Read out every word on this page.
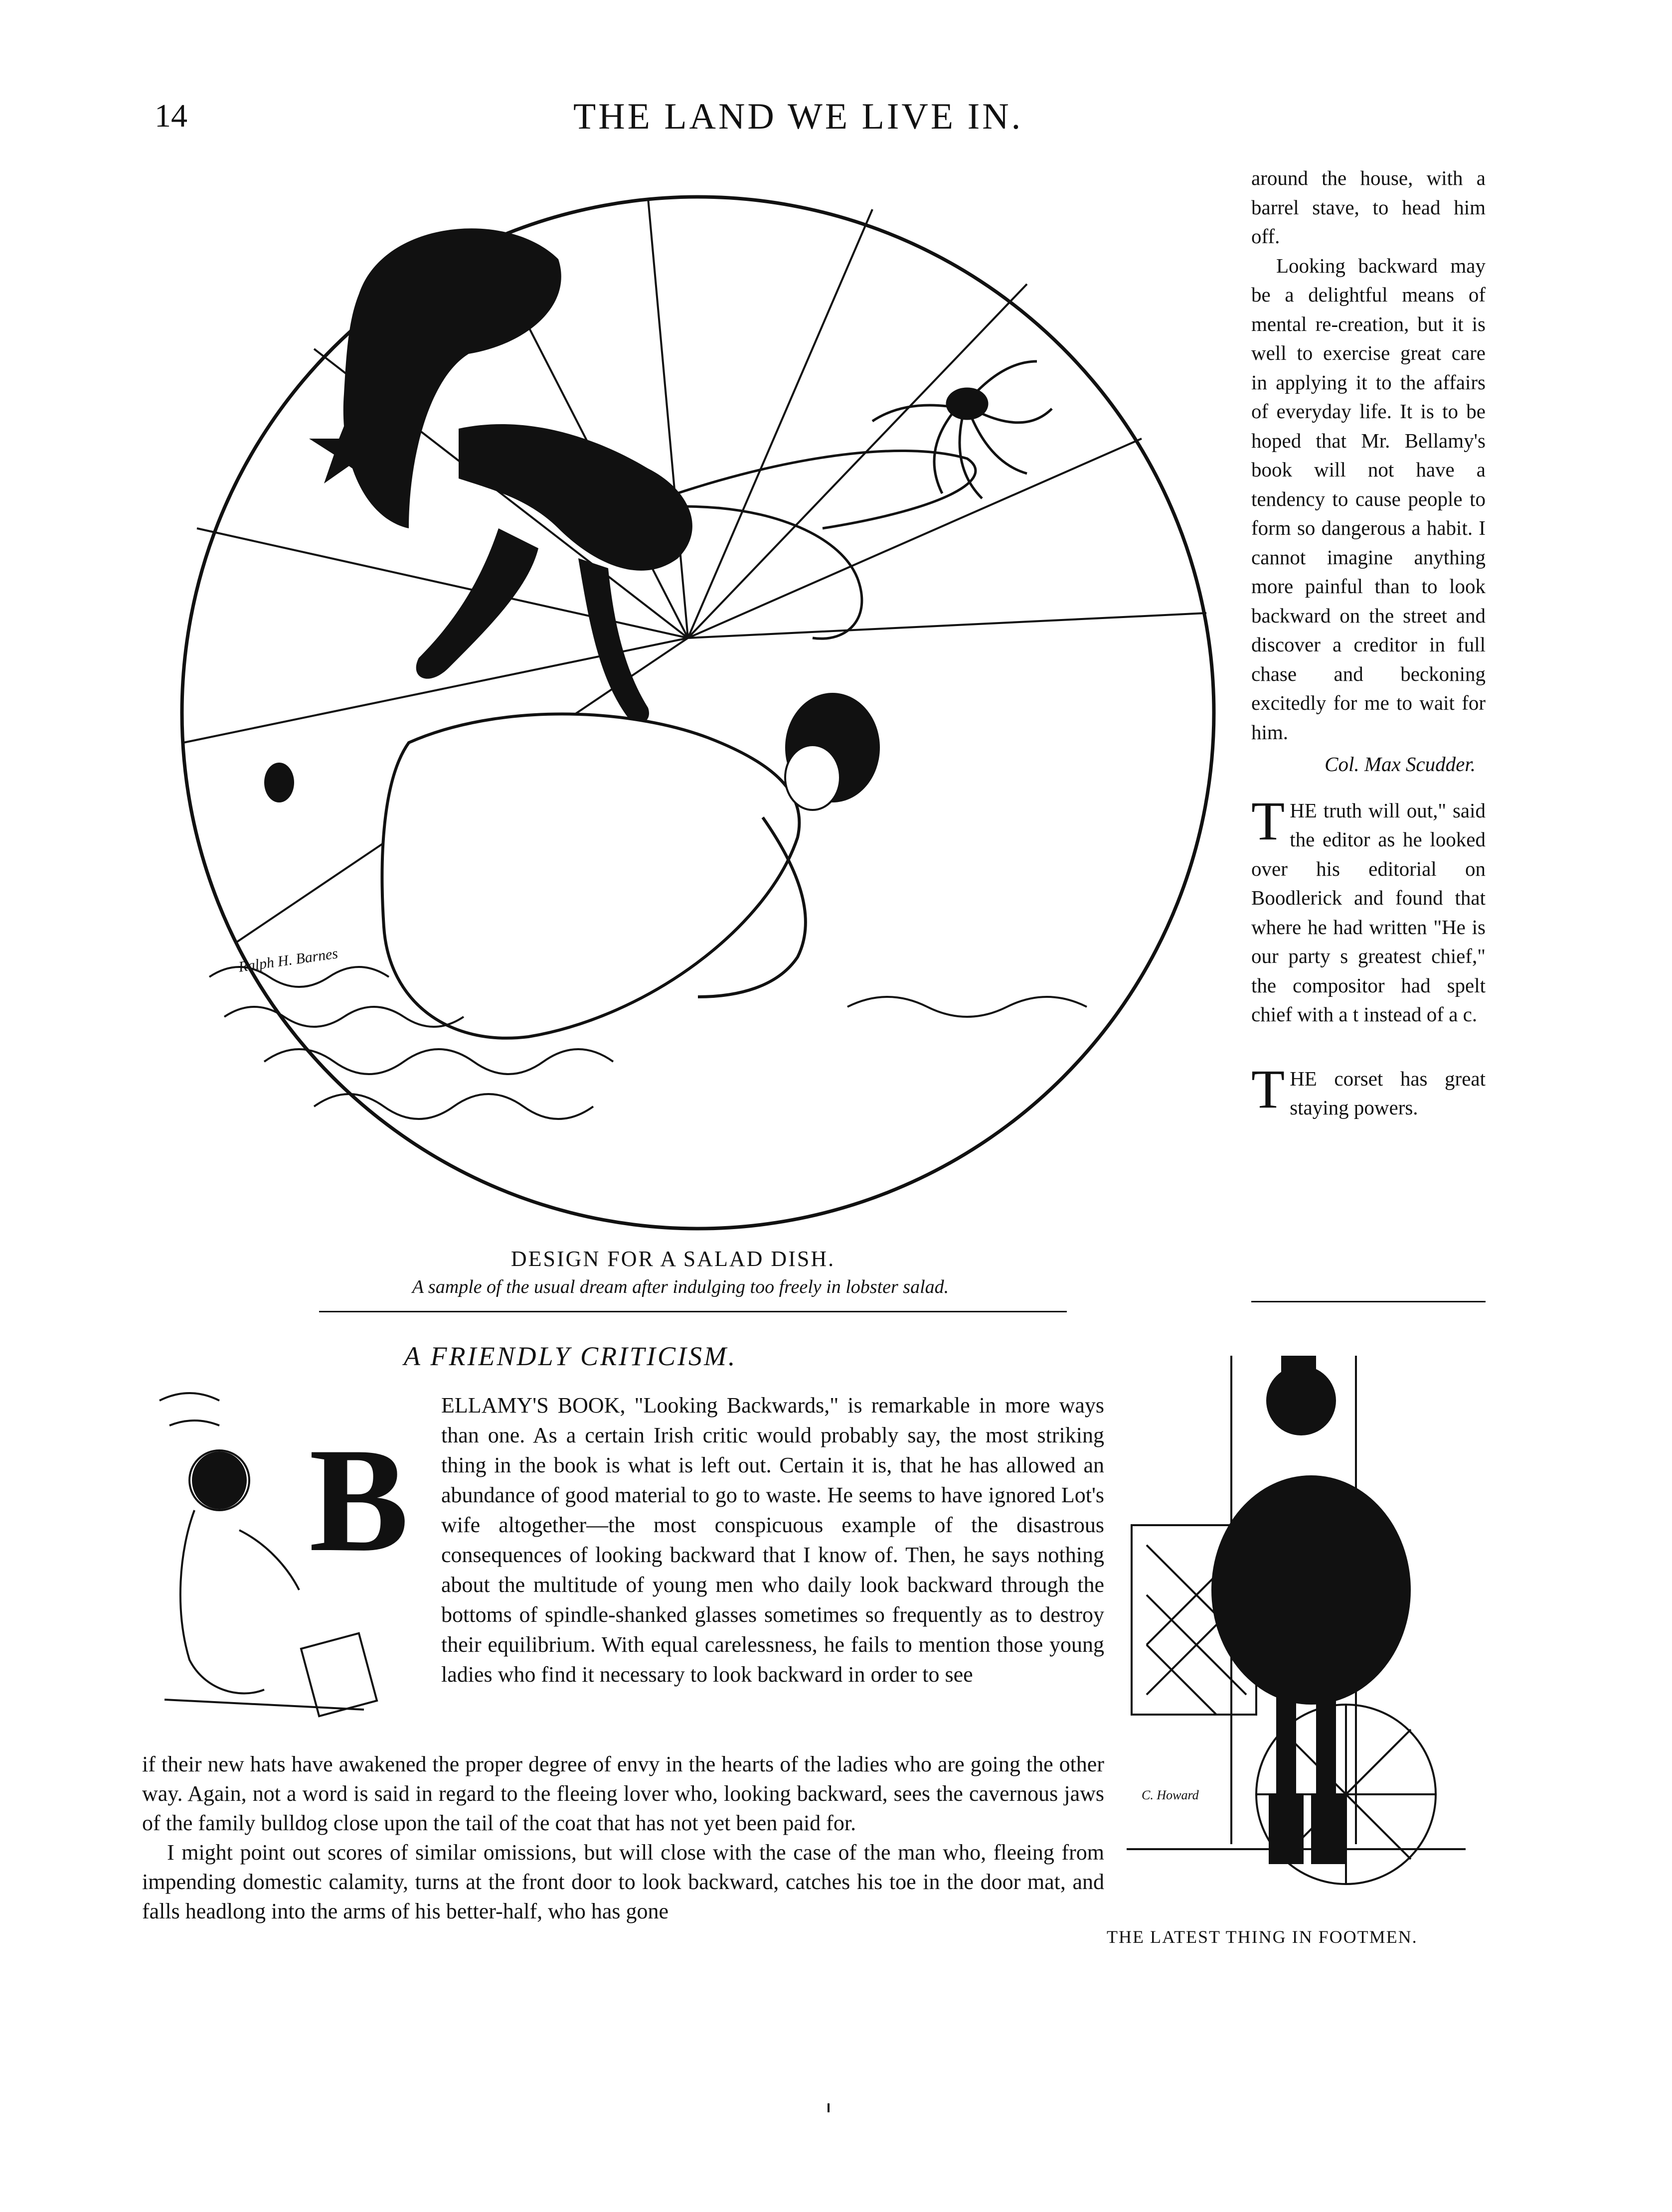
14	THE LAND WE LIVE IN.
Ralph H. Barnes
DESIGN FOR A SALAD DISH.
A sample of the usual dream after indulging too freely in lobster salad.

around the house, with a barrel stave, to head him off.

Looking backward may be a delightful means of mental re-creation, but it is well to exercise great care in applying it to the affairs of everyday life. It is to be hoped that Mr. Bellamy's book will not have a tendency to cause people to form so dangerous a habit. I cannot imagine anything more painful than to look backward on the street and discover a creditor in full chase and beckoning excitedly for me to wait for him.

Col. Max Scudder.

T HE truth will out," said the editor as he looked over his editorial on Boodlerick and found that where he had written "He is our party s greatest chief," the compositor had spelt chief with a t instead of a c.

T HE corset has great staying powers.

A FRIENDLY CRITICISM.
B

ELLAMY'S BOOK, "Looking Backwards," is remarkable in more ways than one. As a certain Irish critic would probably say, the most striking thing in the book is what is left out. Certain it is, that he has allowed an abundance of good material to go to waste. He seems to have ignored Lot's wife altogether—the most conspicuous example of the disastrous consequences of looking backward that I know of. Then, he says nothing about the multitude of young men who daily look backward through the bottoms of spindle-shanked glasses sometimes so frequently as to destroy their equilibrium. With equal carelessness, he fails to mention those young ladies who find it necessary to look backward in order to see

if their new hats have awakened the proper degree of envy in the hearts of the ladies who are going the other way. Again, not a word is said in regard to the fleeing lover who, looking backward, sees the cavernous jaws of the family bulldog close upon the tail of the coat that has not yet been paid for.

I might point out scores of similar omissions, but will close with the case of the man who, fleeing from impending domestic calamity, turns at the front door to look backward, catches his toe in the door mat, and falls headlong into the arms of his better-half, who has gone

C. Howard
THE LATEST THING IN FOOTMEN.
